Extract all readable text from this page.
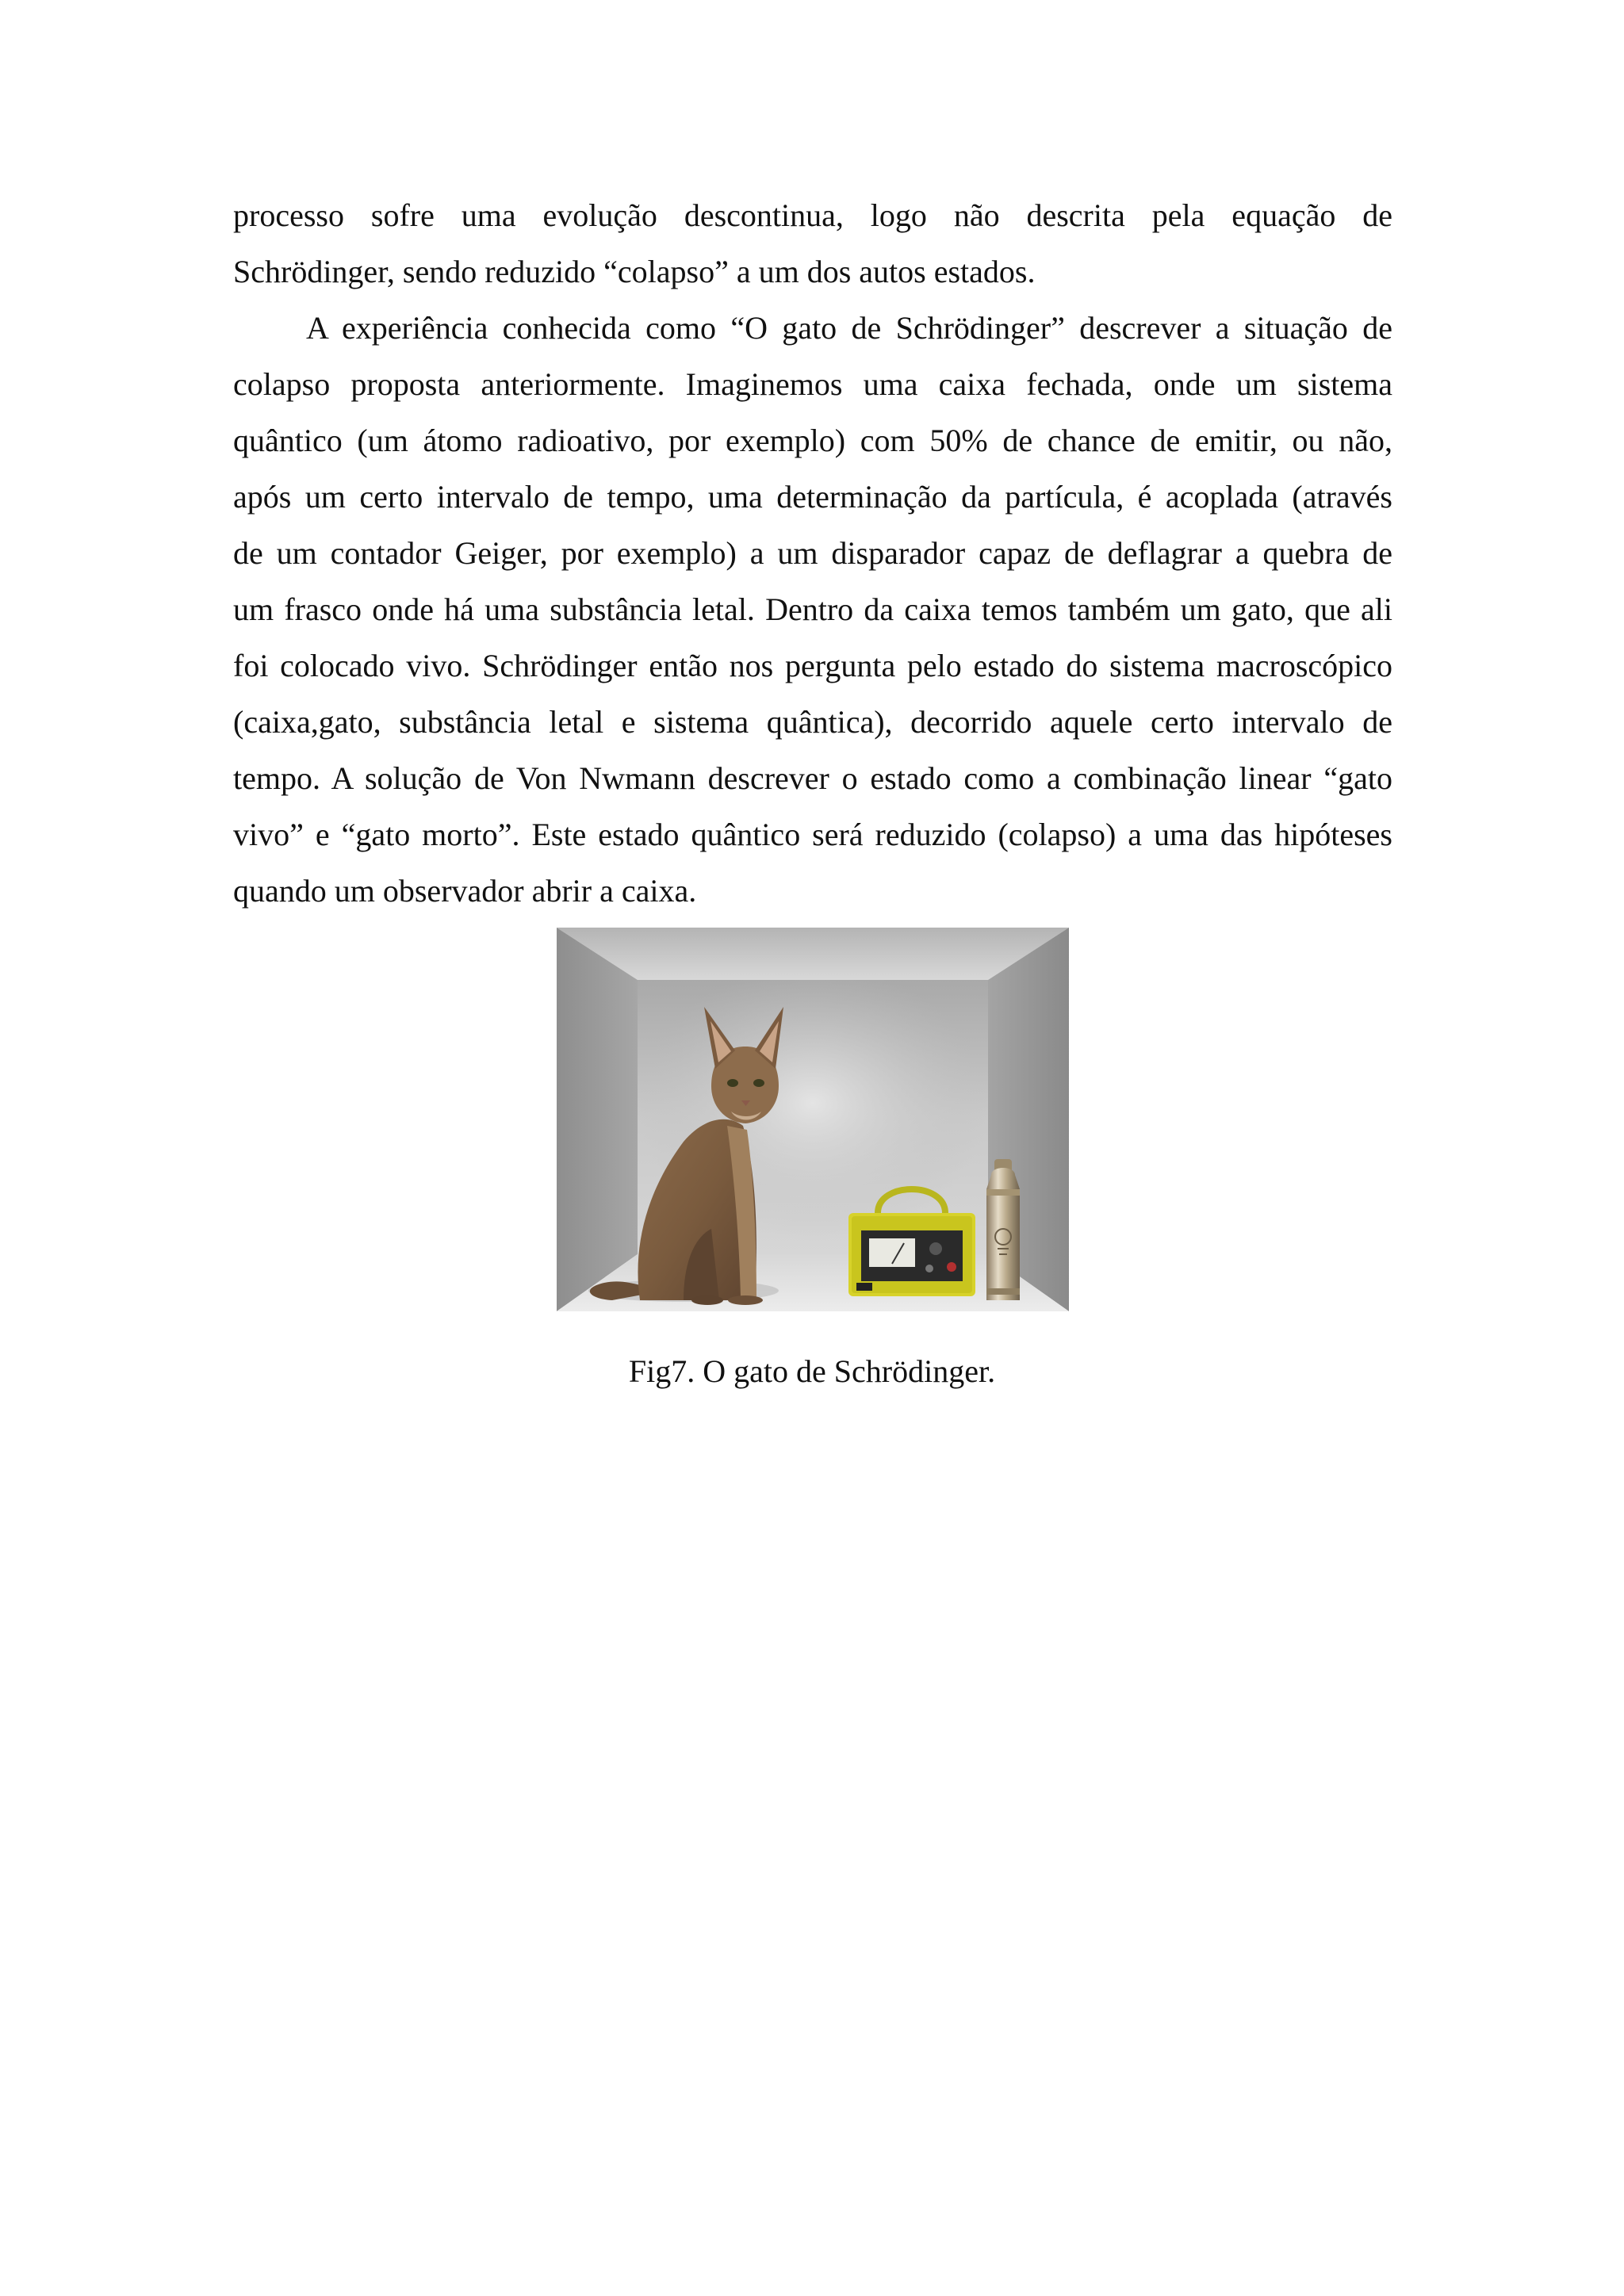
processo sofre uma evolução descontinua, logo não descrita pela equação de
Schrödinger, sendo reduzido “colapso” a um dos autos estados.
A experiência conhecida como “O gato de Schrödinger” descrever a situação de
colapso proposta anteriormente. Imaginemos uma caixa fechada, onde um sistema
quântico (um átomo radioativo, por exemplo) com 50% de chance de emitir, ou não,
após um certo intervalo de tempo, uma determinação da partícula, é acoplada (através
de um contador Geiger, por exemplo) a um disparador capaz de deflagrar a quebra de
um frasco onde há uma substância letal. Dentro da caixa temos também um gato, que ali
foi colocado vivo. Schrödinger então nos pergunta pelo estado do sistema macroscópico
(caixa,gato, substância letal e sistema quântica), decorrido aquele certo intervalo de
tempo. A solução de Von Nwmann descrever o estado como a combinação linear “gato
vivo” e “gato morto”. Este estado quântico será reduzido (colapso) a uma das hipóteses
quando um observador abrir a caixa.
Fig7. O gato de Schrödinger.
